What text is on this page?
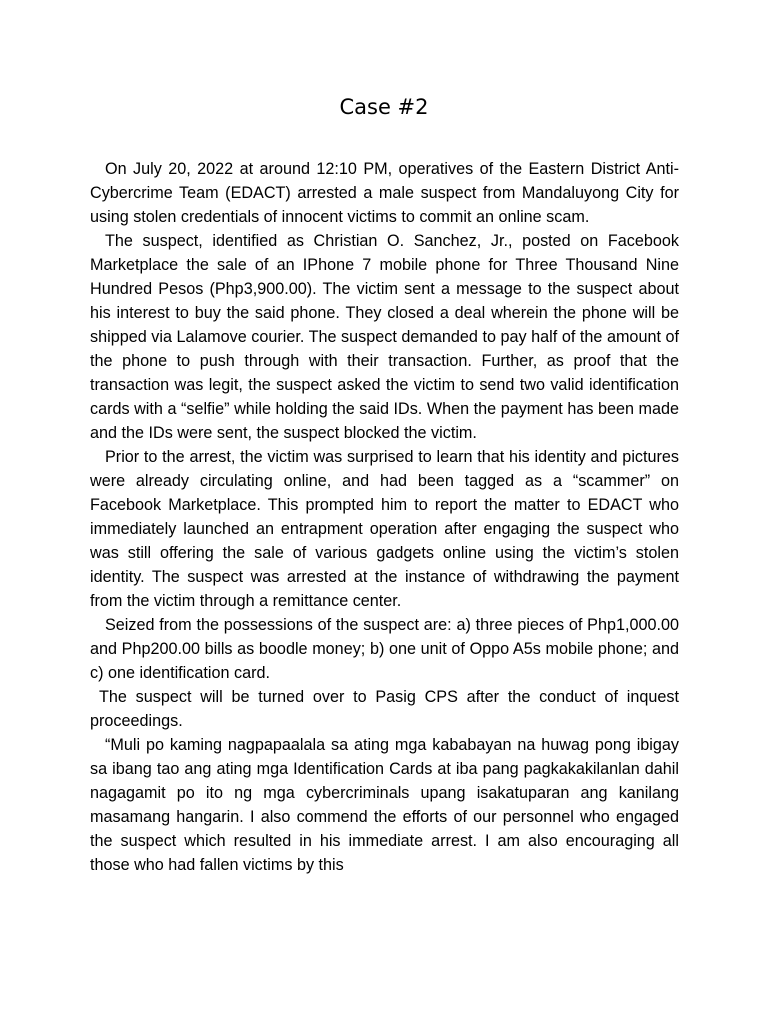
Case #2

On July 20, 2022 at around 12:10 PM, operatives of the Eastern District Anti-Cybercrime Team (EDACT) arrested a male suspect from Mandaluyong City for using stolen credentials of innocent victims to commit an online scam.

The suspect, identified as Christian O. Sanchez, Jr., posted on Facebook Marketplace the sale of an IPhone 7 mobile phone for Three Thousand Nine Hundred Pesos (Php3,900.00). The victim sent a message to the suspect about his interest to buy the said phone. They closed a deal wherein the phone will be shipped via Lalamove courier. The suspect demanded to pay half of the amount of the phone to push through with their transaction. Further, as proof that the transaction was legit, the suspect asked the victim to send two valid identification cards with a “selfie” while holding the said IDs. When the payment has been made and the IDs were sent, the suspect blocked the victim.

Prior to the arrest, the victim was surprised to learn that his identity and pictures were already circulating online, and had been tagged as a “scammer” on Facebook Marketplace. This prompted him to report the matter to EDACT who immediately launched an entrapment operation after engaging the suspect who was still offering the sale of various gadgets online using the victim’s stolen identity. The suspect was arrested at the instance of withdrawing the payment from the victim through a remittance center.

Seized from the possessions of the suspect are: a) three pieces of Php1,000.00 and Php200.00 bills as boodle money; b) one unit of Oppo A5s mobile phone; and c) one identification card.

The suspect will be turned over to Pasig CPS after the conduct of inquest proceedings.

“Muli po kaming nagpapaalala sa ating mga kababayan na huwag pong ibigay sa ibang tao ang ating mga Identification Cards at iba pang pagkakakilanlan dahil nagagamit po ito ng mga cybercriminals upang isakatuparan ang kanilang masamang hangarin. I also commend the efforts of our personnel who engaged the suspect which resulted in his immediate arrest. I am also encouraging all those who had fallen victims by this
